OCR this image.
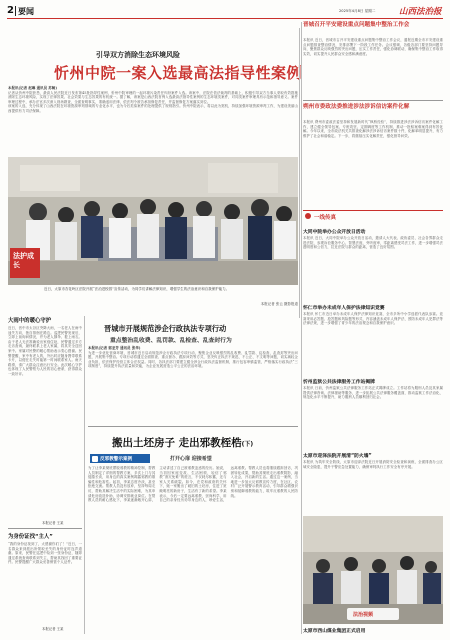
2 要闻	2025年4月8日 星期二	山西法治报
引导双方消除生态环境风险
忻州中院一案入选最高法指导性案例
本报讯(记者 赵琳 通讯员 苏畅)

记者从忻州中院获悉，最高人民法院近日发布第45批指导性案例，忻州中院审理的一起环境污染责任纠纷案件入选。该案中，法院在依法裁判的基础上，积极引导双方当事人采取有效措施消除生态环境风险，实现了法律效果、社会效果与生态效果的有机统一。据了解，该案是山西法院首例入选最高法指导性案例的生态环境类案件，对同类案件审理具有示范和指导意义。案件审理过程中，承办法官多次深入现场勘查，全面查明事实，准确适用法律，依法判令被告承担修复责任，并监督修复方案落实到位。

该案的入选，充分体现了山西法院在环境资源审判领域的专业化水平，也为今后类似案件的处理提供了规则指引。忻州中院表示，将以此为契机，持续加强环境资源审判工作，为建设美丽山西提供有力司法保障。

法护成长
近日，太原市杏花岭区法院开展“法治进校园”宣传活动，为同学们讲解法律知识，增强学生的法治意识和自我保护能力。
本报记者 张云 摄影报道
晋城召开平安建设重点问题集中整治工作会

本报讯 近日，晋城市召开平安建设重点问题集中整治工作会议，通报近期全市平安建设重点问题排查整治情况，安排部署下一阶段工作任务。会议强调，各级各部门要坚持问题导向，聚焦群众反映强烈的突出问题，压实工作责任，强化协调联动，确保集中整治工作取得实效，切实提升人民群众安全感和满意度。

朔州市委政法委推进涉法涉诉信访案件化解

本报讯 朔州市委政法委坚持和发展新时代“枫桥经验”，持续推进涉法涉诉信访案件化解工作，建立健全领导包案、专班攻坚、定期调度等工作机制，推动一批积案难案得到有效化解。今年以来，全市政法机关共排查化解涉法涉诉信访案件数十件，化解率明显提升，有力维护了社会和谐稳定。下一步，将继续压实化解责任，强化督导问效。

一线传真
大同中院举办公众开放日活动

本报讯 近日，大同中院举办公众开放日活动，邀请人大代表、政协委员、社会各界群众走进法院，参观诉讼服务中心、智慧法庭，旁听庭审，零距离感受司法工作，进一步增强司法透明度和公信力，拉近法院与群众的距离，营造了良好氛围。

怀仁市举办未成年人保护法律知识竞赛

本报讯 怀仁市近日举办未成年人保护法律知识竞赛，全市多所中小学选派代表队参赛。竞赛采用必答题、抢答题和风险题等形式，内容涵盖未成年人保护法、预防未成年人犯罪法等法律法规，进一步增强了青少年的法治观念和自我保护意识。

忻州监狱公共法律服务工作站揭牌

本报讯 日前，忻州监狱公共法律服务工作站正式揭牌成立。工作站将为服刑人员及其家属提供法律咨询、法律援助等服务，进一步拓展公共法律服务覆盖面，推动监狱工作法治化、规范化水平不断提升，助力服刑人员顺利回归社会。

太原市迎泽法院开展清“防火墙”

本报讯 为筑牢安全防线，太原市迎泽法院近日开展消防安全检查和演练，全面排查办公区域安全隐患，提升干警应急处置能力，确保审判执行工作安全有序开展。

法治视频
太原市西山煤业集团正式启用
大雨中的暖心守护

近日，晋中市太谷区突降大雨，一名老人在雨中迷失方向，独自徘徊在路边。巡逻民警发现后，立即上前询问情况，并为老人撑伞、披上雨衣。由于老人无法准确说出家庭住址，民警通过多方走访查询，最终联系上老人家属，将其安全送回家中。家属对民警的暖心帮助表示衷心感谢。民警提醒，家中有老人的，外出时应随身携带联系卡片，以便在走失时能第一时间联系家人。雨天路滑，请广大群众注意出行安全。此次暖心守护也体现了人民警察为人民的初心使命，获得群众一致好评。

本报记者 王某
为身份证找“主人”

“我的身份证找到了，太感谢你们了！”近日，一名群众来到派出所领取丢失的身份证时连声道谢。原来，民警在巡逻中捡到一张身份证，随即通过系统查询联系到失主，帮助其找回了重要证件。民警提醒广大群众妥善保管个人证件。

本报记者 王某
晋城市开展规范涉企行政执法专项行动
重点整治乱收费、乱罚款、乱检查、乱查封行为
本报讯(记者 郭亚芳 通讯员 张华)

为进一步优化营商环境，晋城市近日启动规范涉企行政执法专项行动，聚焦企业反映强烈的乱收费、乱罚款、乱检查、乱查封等突出问题，开展集中整治。专项行动将通过全面排查、重点督办、跟踪问效等方式，坚决纠正执法不规范、不公正、不文明等问题，切实减轻企业负担，依法保护经营主体合法权益。同时，各执法部门要建立健全涉企行政执法监督机制，推行包容审慎监管，严格落实行政执法“三项制度”，持续提升执法质量和效能，为企业发展营造公平公正的法治环境。

搬出土坯房子 走出邪教桎梏(下)
反邪教警示案例	打开心扉 迎接希望

为了让李某彻底摆脱邪教的精神控制，帮教人员制定了详细的帮教方案，多次上门与其促膝长谈，用身边的真实案例揭露邪教的欺骗性和危害性。起初，李某态度冷淡，甚至拒绝交流。帮教人员没有放弃，坚持每周走访，帮助其解决生活中的实际困难，为其申请危房改造补助，协调安排就业岗位。在帮教人员的耐心感化下，李某逐渐敞开心扉，主动讲述了自己被邪教蛊惑的经历。她说，当初因家庭变故、生活困顿，轻信了邪教“消灾免难”的谎言，不仅耗尽积蓄，还与家人关系破裂。如今，在党和政府的关怀下，她一家搬出了破旧的土坯房，住进了宽敞明亮的新房子，生活有了新的希望。李某表示，今后一定要远离邪教，崇尚科学，用自己的亲身经历劝导身边的人，珍爱生活，远离邪教。帮教人员也将继续跟踪回访，巩固转化成果，帮助其彻底走出邪教阴影，融入社会，开启新的生活。通过这一案例，当地进一步加大反邪教宣传力度，在社区、农村广泛开展警示教育活动，引导群众增强识别和抵御邪教的能力，筑牢反邪教的人民防线。
